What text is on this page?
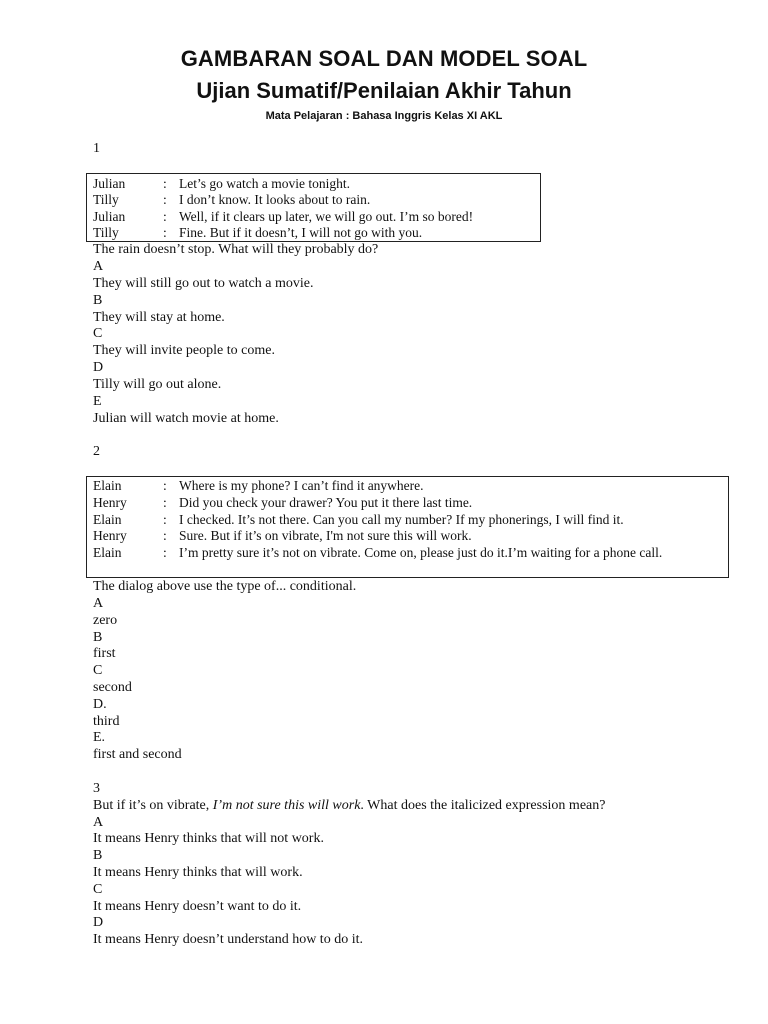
GAMBARAN SOAL DAN MODEL SOAL
Ujian Sumatif/Penilaian Akhir Tahun
Mata Pelajaran : Bahasa Inggris Kelas XI AKL
1
Julian	: Let’s go watch a movie tonight.
Tilly	: I don’t know. It looks about to rain.
Julian	: Well, if it clears up later, we will go out. I’m so bored!
Tilly	: Fine. But if it doesn’t, I will not go with you.
The rain doesn’t stop. What will they probably do?
A
They will still go out to watch a movie.
B
They will stay at home.
C
They will invite people to come.
D
Tilly will go out alone.
E
Julian will watch movie at home.
2
Elain	: Where is my phone? I can’t find it anywhere.
Henry	: Did you check your drawer? You put it there last time.
Elain	: I checked. It’s not there. Can you call my number? If my phonerings, I will find it.
Henry	: Sure. But if it’s on vibrate, I'm not sure this will work.
Elain	: I’m pretty sure it’s not on vibrate. Come on, please just do it.I’m waiting for a phone call.
The dialog above use the type of... conditional.
A
zero
B
first
C
second
D.
third
E.
first and second
3
But if it’s on vibrate, I’m not sure this will work. What does the italicized expression mean?
A
It means Henry thinks that will not work.
B
It means Henry thinks that will work.
C
It means Henry doesn’t want to do it.
D
It means Henry doesn’t understand how to do it.
